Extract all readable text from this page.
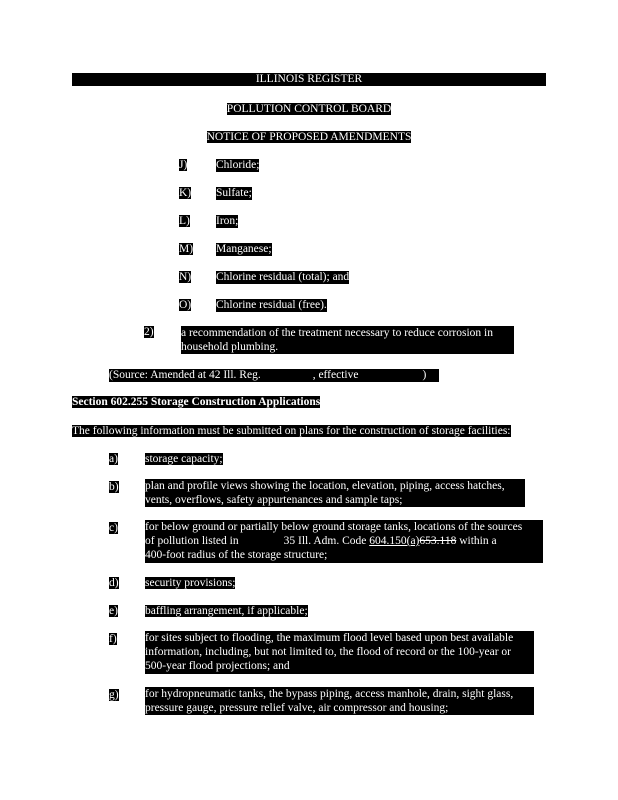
ILLINOIS REGISTER
POLLUTION CONTROL BOARD
NOTICE OF PROPOSED AMENDMENTS
J) Chloride;
K) Sulfate;
L) Iron;
M) Manganese;
N) Chlorine residual (total); and
O) Chlorine residual (free).
2) a recommendation of the treatment necessary to reduce corrosion in
household plumbing.
(Source: Amended at 42 Ill. Reg.	, effective	)
Section 602.255 Storage Construction Applications
The following information must be submitted on plans for the construction of storage facilities:
a) storage capacity;
b) plan and profile views showing the location, elevation, piping, access hatches,
vents, overflows, safety appurtenances and sample taps;
c) for below ground or partially below ground storage tanks, locations of the sources
of pollution listed in	35 Ill. Adm. Code 604.150(a)653.118 within a
400-foot radius of the storage structure;
d) security provisions;
e) baffling arrangement, if applicable;
f) for sites subject to flooding, the maximum flood level based upon best available
information, including, but not limited to, the flood of record or the 100-year or
500-year flood projections; and
g) for hydropneumatic tanks, the bypass piping, access manhole, drain, sight glass,
pressure gauge, pressure relief valve, air compressor and housing;
